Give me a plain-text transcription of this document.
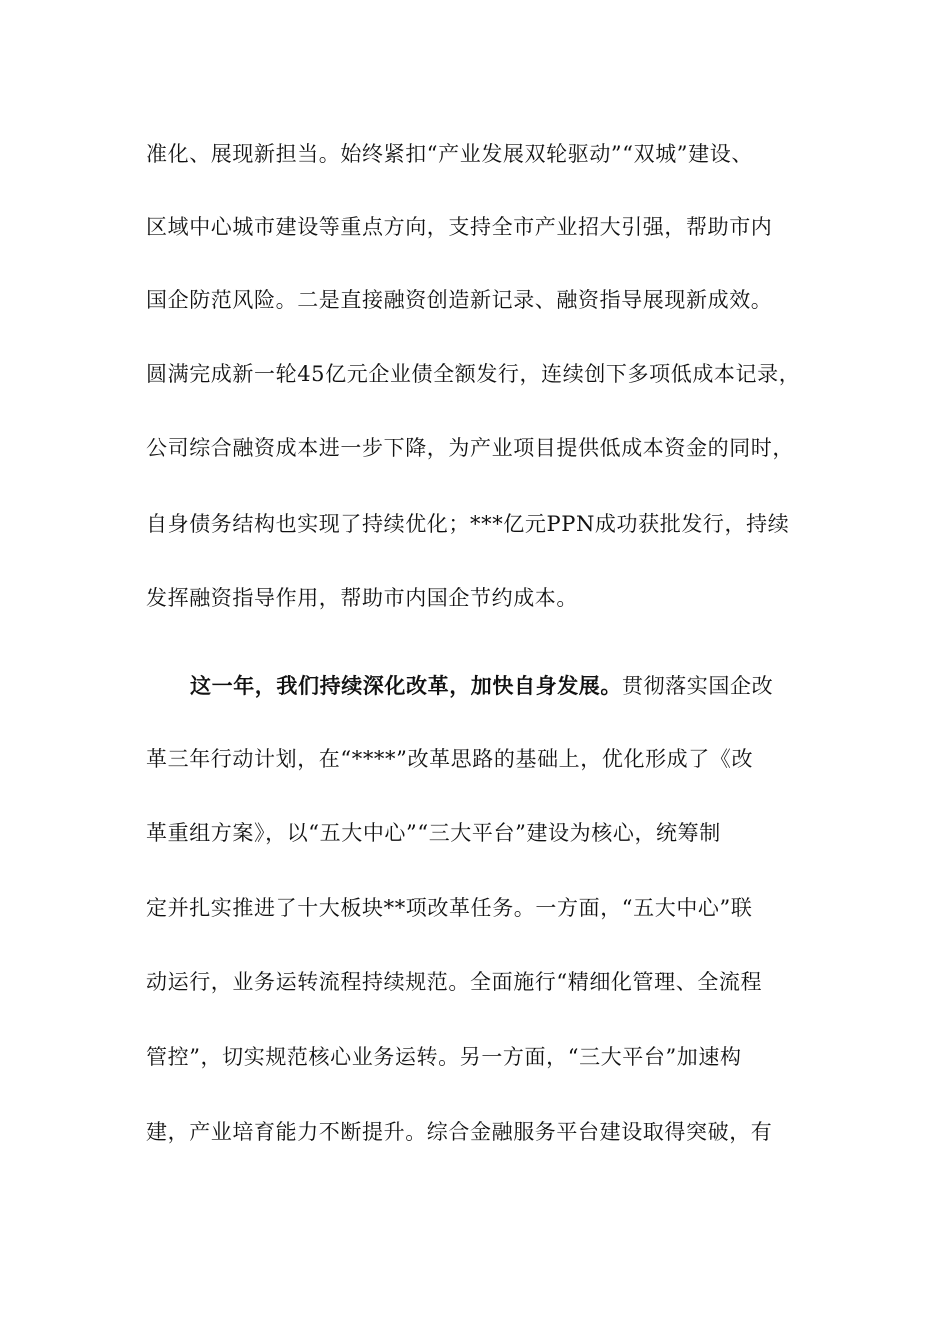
准化、展现新担当。始终紧扣“产业发展双轮驱动”“双城”建设、
区域中心城市建设等重点方向，支持全市产业招大引强，帮助市内
国企防范风险。二是直接融资创造新记录、融资指导展现新成效。
圆满完成新一轮45亿元企业债全额发行，连续创下多项低成本记录，
公司综合融资成本进一步下降，为产业项目提供低成本资金的同时，
自身债务结构也实现了持续优化；***亿元PPN成功获批发行，持续
发挥融资指导作用，帮助市内国企节约成本。
这一年，我们持续深化改革，加快自身发展。贯彻落实国企改
革三年行动计划，在“****”改革思路的基础上，优化形成了《改
革重组方案》，以“五大中心”“三大平台”建设为核心，统筹制
定并扎实推进了十大板块**项改革任务。一方面，“五大中心”联
动运行，业务运转流程持续规范。全面施行“精细化管理、全流程
管控”，切实规范核心业务运转。另一方面，“三大平台”加速构
建，产业培育能力不断提升。综合金融服务平台建设取得突破，有
